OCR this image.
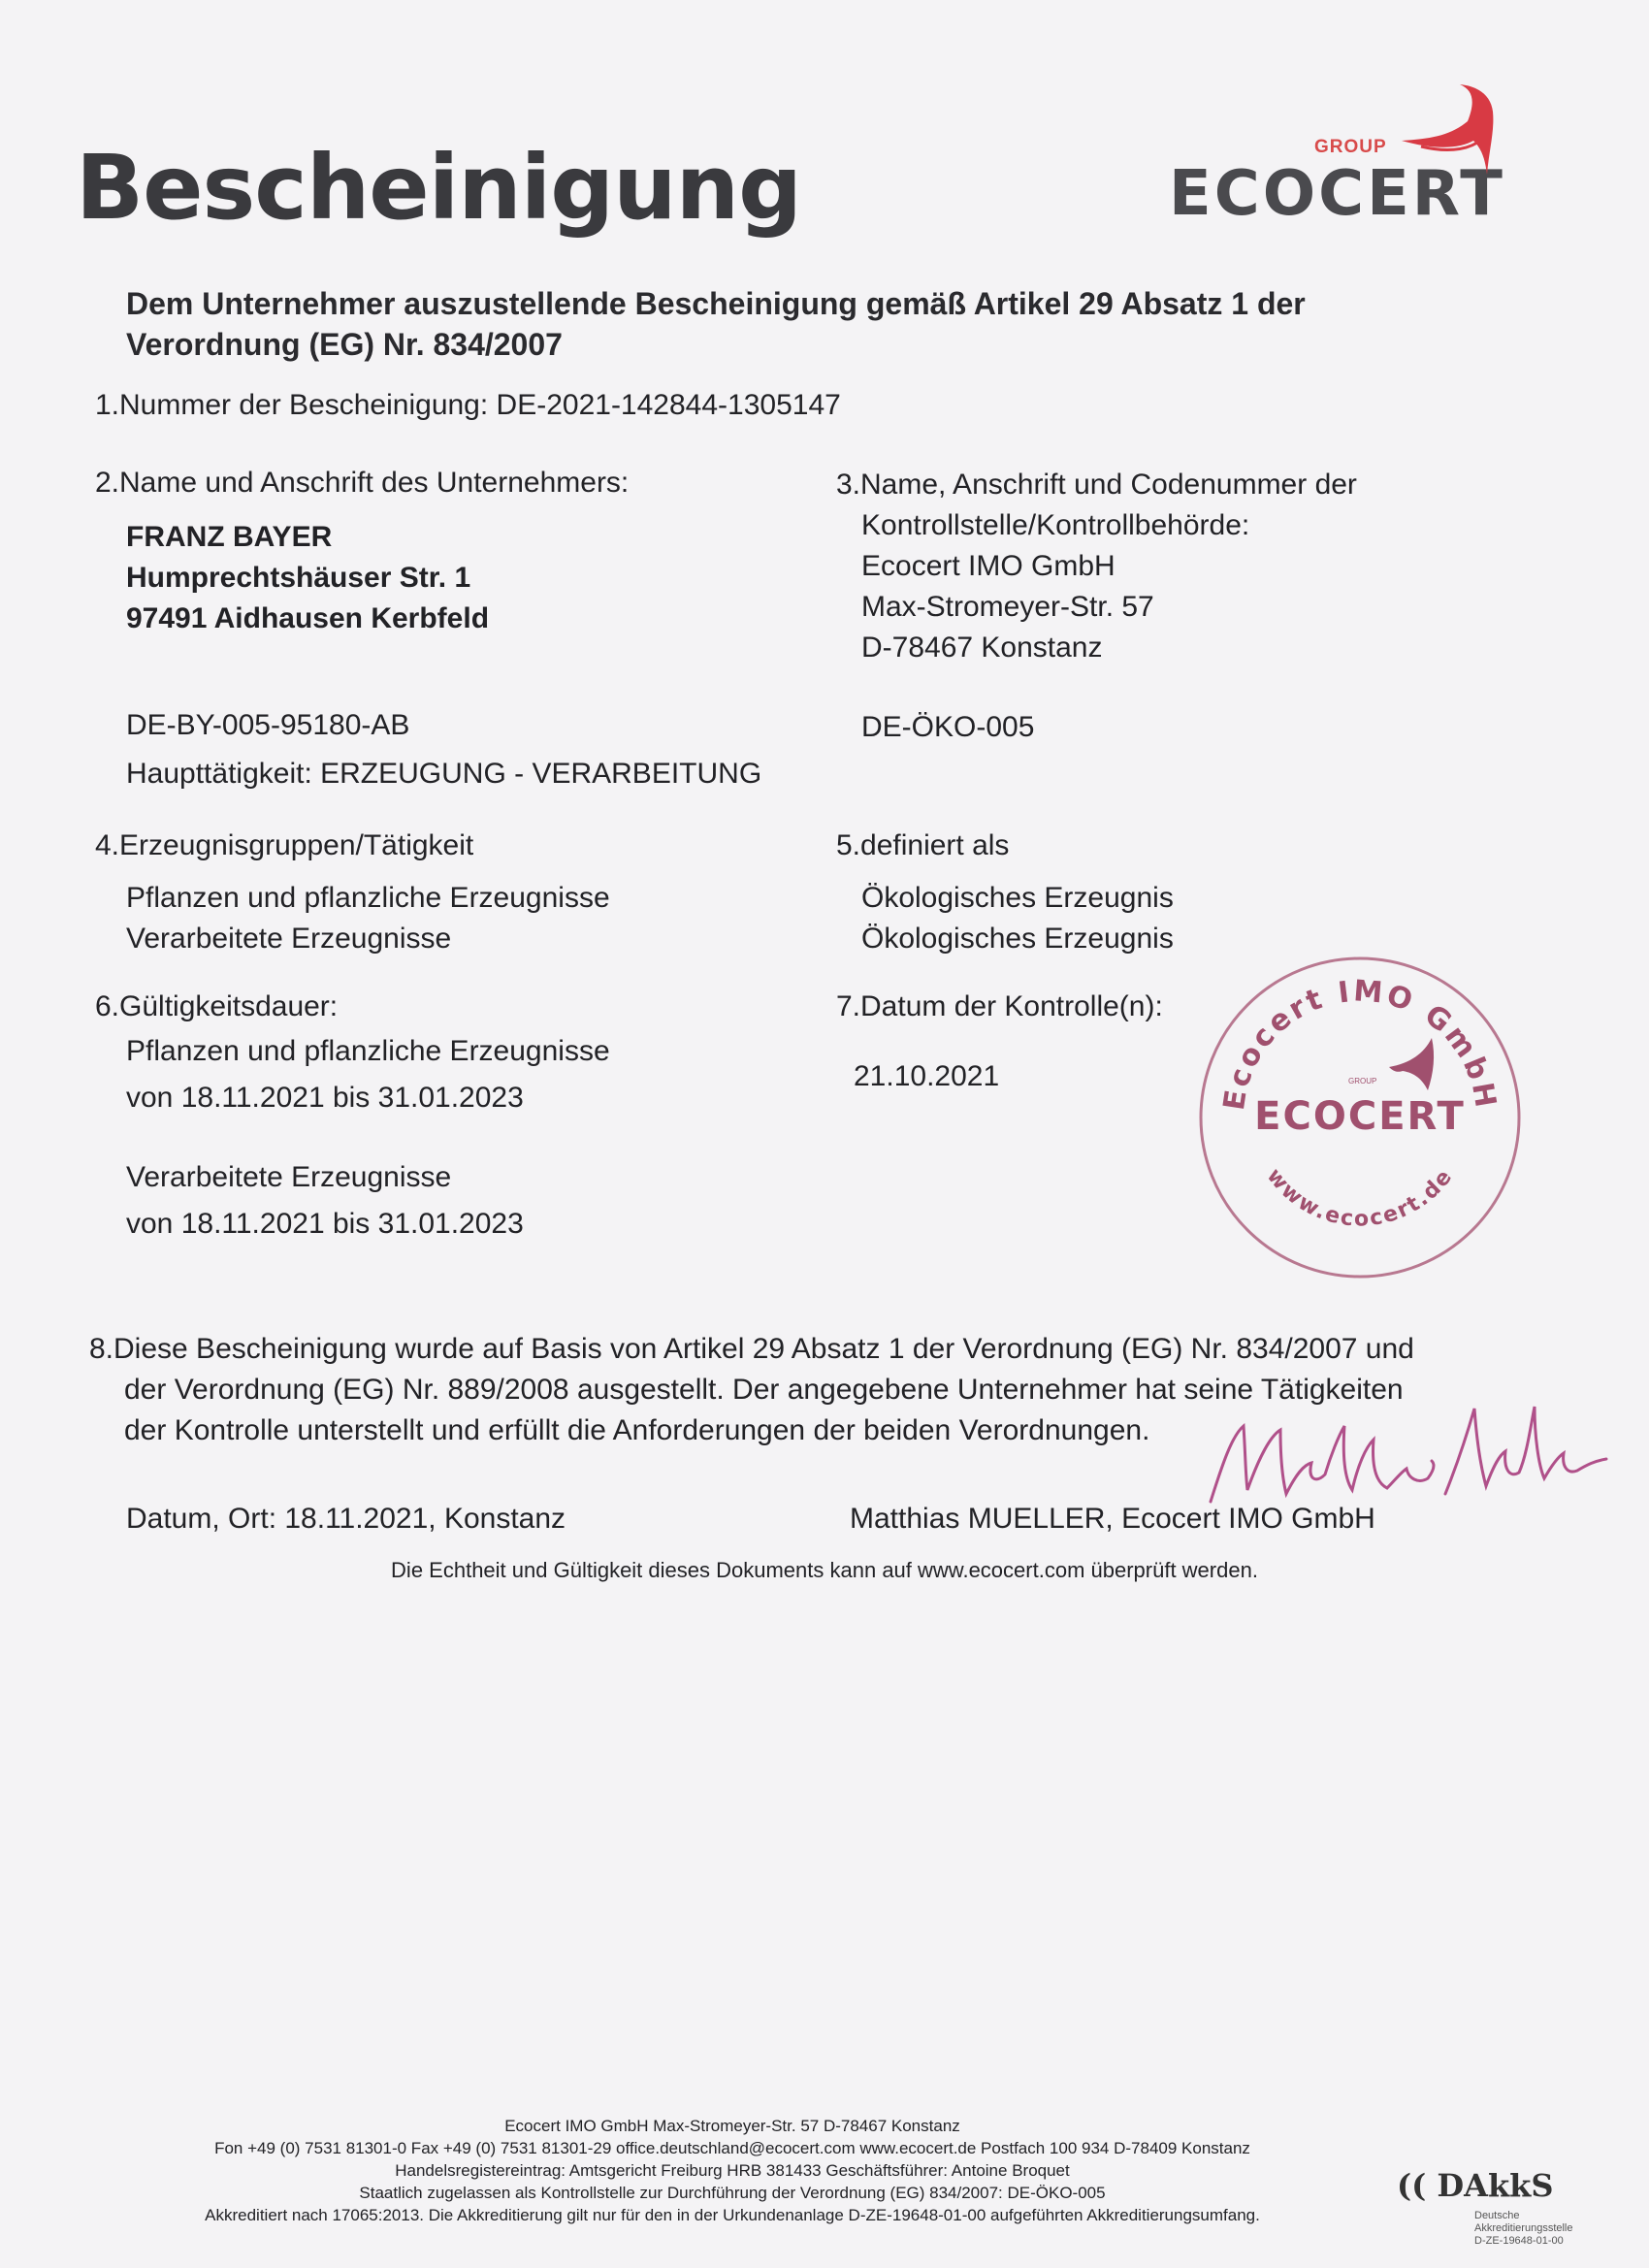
Bescheinigung	GROUP
ECOCERT
Dem Unternehmer auszustellende Bescheinigung gemäß Artikel 29 Absatz 1 der
Verordnung (EG) Nr. 834/2007
1.Nummer der Bescheinigung: DE-2021-142844-1305147
2.Name und Anschrift des Unternehmers:
FRANZ BAYER
Humprechtshäuser Str. 1
97491 Aidhausen Kerbfeld
DE-BY-005-95180-AB
Haupttätigkeit: ERZEUGUNG - VERARBEITUNG
3.Name, Anschrift und Codenummer der
Kontrollstelle/Kontrollbehörde:
Ecocert IMO GmbH
Max-Stromeyer-Str. 57
D-78467 Konstanz
DE-ÖKO-005
4.Erzeugnisgruppen/Tätigkeit
Pflanzen und pflanzliche Erzeugnisse
Verarbeitete Erzeugnisse
5.definiert als
Ökologisches Erzeugnis
Ökologisches Erzeugnis
6.Gültigkeitsdauer:
Pflanzen und pflanzliche Erzeugnisse
von 18.11.2021 bis 31.01.2023
Verarbeitete Erzeugnisse
von 18.11.2021 bis 31.01.2023
7.Datum der Kontrolle(n):
21.10.2021
Ecocert IMO GmbH
www.ecocert.de
GROUP
ECOCERT
8.Diese Bescheinigung wurde auf Basis von Artikel 29 Absatz 1 der Verordnung (EG) Nr. 834/2007 und
der Verordnung (EG) Nr. 889/2008 ausgestellt. Der angegebene Unternehmer hat seine Tätigkeiten
der Kontrolle unterstellt und erfüllt die Anforderungen der beiden Verordnungen.
Datum, Ort: 18.11.2021, Konstanz	Matthias MUELLER, Ecocert IMO GmbH
Die Echtheit und Gültigkeit dieses Dokuments kann auf www.ecocert.com überprüft werden.
Ecocert IMO GmbH Max-Stromeyer-Str. 57 D-78467 Konstanz
Fon +49 (0) 7531 81301-0 Fax +49 (0) 7531 81301-29 office.deutschland@ecocert.com www.ecocert.de Postfach 100 934 D-78409 Konstanz
Handelsregistereintrag: Amtsgericht Freiburg HRB 381433 Geschäftsführer: Antoine Broquet
Staatlich zugelassen als Kontrollstelle zur Durchführung der Verordnung (EG) 834/2007: DE-ÖKO-005
Akkreditiert nach 17065:2013. Die Akkreditierung gilt nur für den in der Urkundenanlage D-ZE-19648-01-00 aufgeführten Akkreditierungsumfang.
(( DAkkS
Deutsche
Akkreditierungsstelle
D-ZE-19648-01-00
